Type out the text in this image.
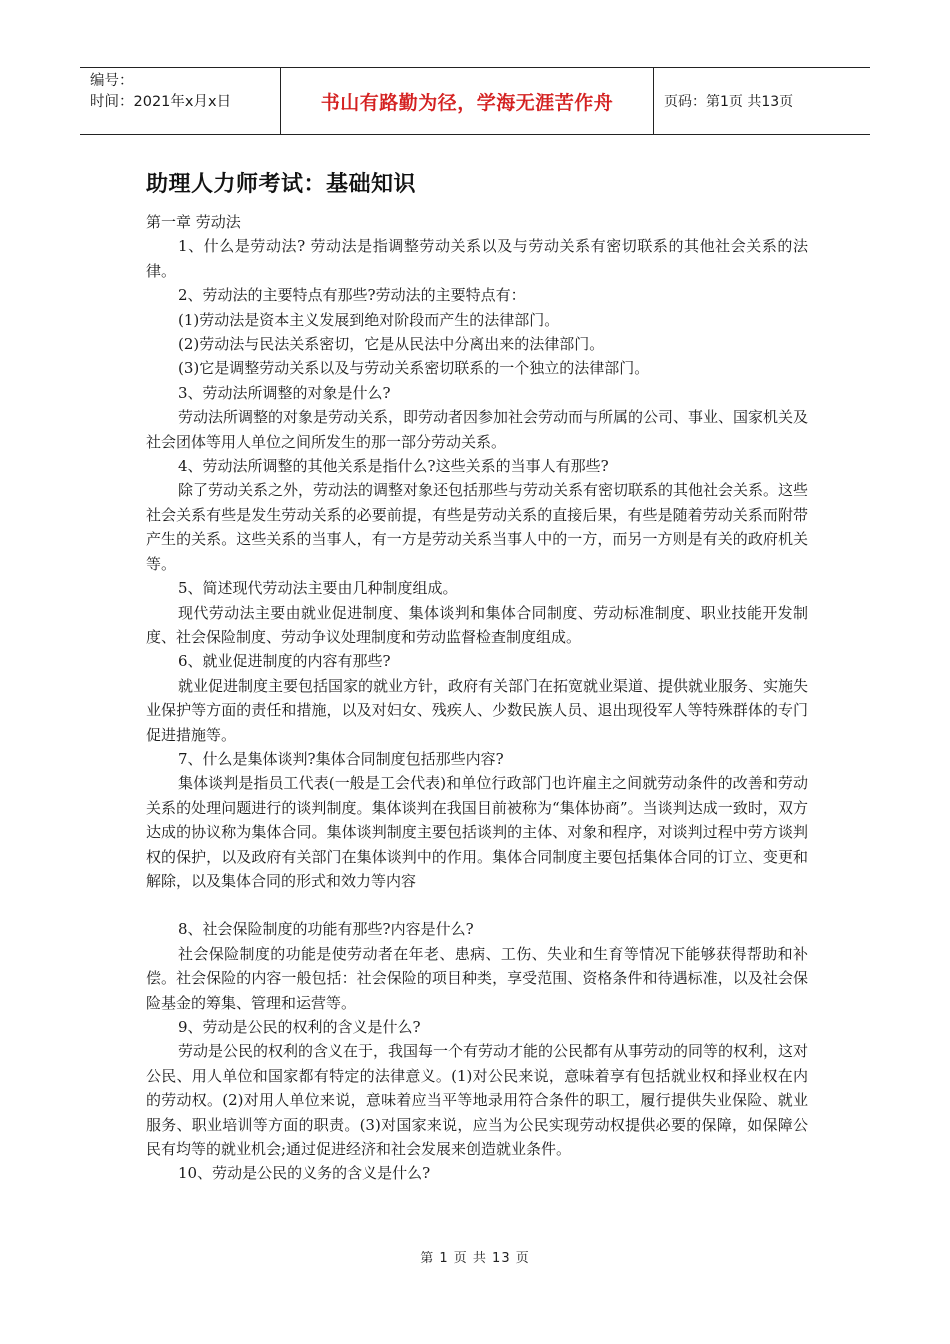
编号：
时间：2021年x月x日	书山有路勤为径，学海无涯苦作舟	页码：第1页 共13页
助理人力师考试：基础知识

第一章 劳动法

1、什么是劳动法? 劳动法是指调整劳动关系以及与劳动关系有密切联系的其他社会关系的法律。

2、劳动法的主要特点有那些?劳动法的主要特点有：

(1)劳动法是资本主义发展到绝对阶段而产生的法律部门。

(2)劳动法与民法关系密切，它是从民法中分离出来的法律部门。

(3)它是调整劳动关系以及与劳动关系密切联系的一个独立的法律部门。

3、劳动法所调整的对象是什么?

劳动法所调整的对象是劳动关系，即劳动者因参加社会劳动而与所属的公司、事业、国家机关及社会团体等用人单位之间所发生的那一部分劳动关系。

4、劳动法所调整的其他关系是指什么?这些关系的当事人有那些?

除了劳动关系之外，劳动法的调整对象还包括那些与劳动关系有密切联系的其他社会关系。这些社会关系有些是发生劳动关系的必要前提，有些是劳动关系的直接后果，有些是随着劳动关系而附带产生的关系。这些关系的当事人，有一方是劳动关系当事人中的一方，而另一方则是有关的政府机关等。

5、简述现代劳动法主要由几种制度组成。

现代劳动法主要由就业促进制度、集体谈判和集体合同制度、劳动标准制度、职业技能开发制度、社会保险制度、劳动争议处理制度和劳动监督检查制度组成。

6、就业促进制度的内容有那些?

就业促进制度主要包括国家的就业方针，政府有关部门在拓宽就业渠道、提供就业服务、实施失业保护等方面的责任和措施，以及对妇女、残疾人、少数民族人员、退出现役军人等特殊群体的专门促进措施等。

7、什么是集体谈判?集体合同制度包括那些内容?

集体谈判是指员工代表(一般是工会代表)和单位行政部门也许雇主之间就劳动条件的改善和劳动关系的处理问题进行的谈判制度。集体谈判在我国目前被称为“集体协商”。当谈判达成一致时，双方达成的协议称为集体合同。集体谈判制度主要包括谈判的主体、对象和程序，对谈判过程中劳方谈判权的保护，以及政府有关部门在集体谈判中的作用。集体合同制度主要包括集体合同的订立、变更和解除，以及集体合同的形式和效力等内容

8、社会保险制度的功能有那些?内容是什么?

社会保险制度的功能是使劳动者在年老、患病、工伤、失业和生育等情况下能够获得帮助和补偿。社会保险的内容一般包括：社会保险的项目种类，享受范围、资格条件和待遇标准，以及社会保险基金的筹集、管理和运营等。

9、劳动是公民的权利的含义是什么?

劳动是公民的权利的含义在于，我国每一个有劳动才能的公民都有从事劳动的同等的权利，这对公民、用人单位和国家都有特定的法律意义。(1)对公民来说，意味着享有包括就业权和择业权在内的劳动权。(2)对用人单位来说，意味着应当平等地录用符合条件的职工，履行提供失业保险、就业服务、职业培训等方面的职责。(3)对国家来说，应当为公民实现劳动权提供必要的保障，如保障公民有均等的就业机会;通过促进经济和社会发展来创造就业条件。

10、劳动是公民的义务的含义是什么?

第 1 页 共 13 页
